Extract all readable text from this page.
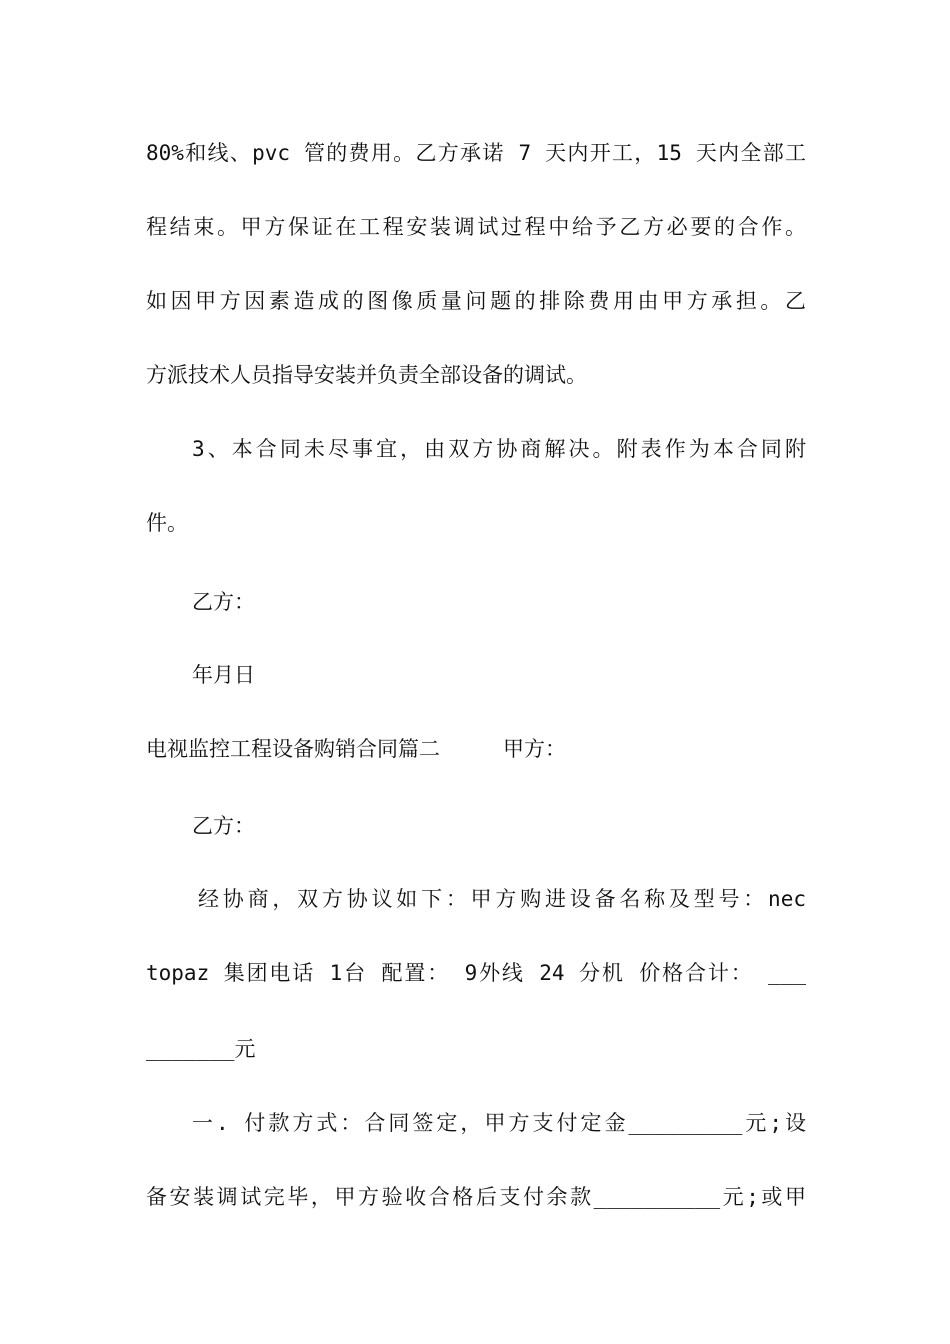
80%和线、pvc 管的费用。乙方承诺 7 天内开工，15 天内全部工
程结束。甲方保证在工程安装调试过程中给予乙方必要的合作。
如因甲方因素造成的图像质量问题的排除费用由甲方承担。乙
方派技术人员指导安装并负责全部设备的调试。
3、本合同未尽事宜，由双方协商解决。附表作为本合同附
件。
乙方：
年月日
电视监控工程设备购销合同篇二　　　甲方：
乙方：
经协商，双方协议如下：甲方购进设备名称及型号：nec
topaz 集团电话 1台 配置： 9外线 24 分机 价格合计： ___
_______元
一. 付款方式：合同签定，甲方支付定金_________元;设
备安装调试完毕，甲方验收合格后支付余款__________元;或甲
